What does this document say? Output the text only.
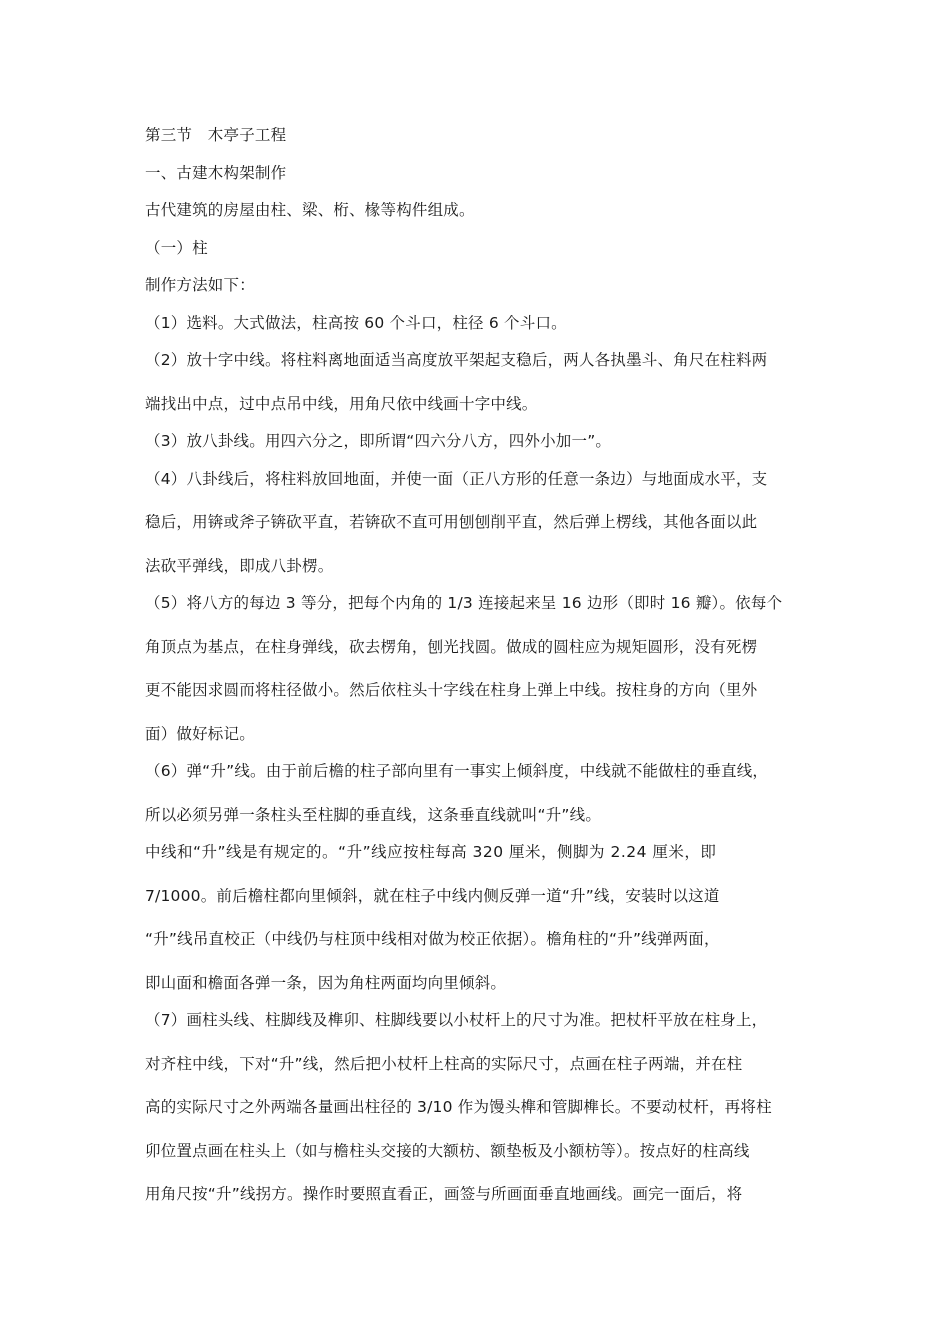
第三节　木亭子工程
一、古建木构架制作
古代建筑的房屋由柱、梁、桁、椽等构件组成。
（一）柱
制作方法如下：
（1）选料。大式做法，柱高按 60 个斗口，柱径 6 个斗口。
（2）放十字中线。将柱料离地面适当高度放平架起支稳后，两人各执墨斗、角尺在柱料两
端找出中点，过中点吊中线，用角尺依中线画十字中线。
（3）放八卦线。用四六分之，即所谓“四六分八方，四外小加一”。
（4）八卦线后，将柱料放回地面，并使一面（正八方形的任意一条边）与地面成水平，支
稳后，用锛或斧子锛砍平直，若锛砍不直可用刨刨削平直，然后弹上楞线，其他各面以此
法砍平弹线，即成八卦楞。
（5）将八方的每边 3 等分，把每个内角的 1/3 连接起来呈 16 边形（即时 16 瓣）。依每个
角顶点为基点，在柱身弹线，砍去楞角，刨光找圆。做成的圆柱应为规矩圆形，没有死楞
更不能因求圆而将柱径做小。然后依柱头十字线在柱身上弹上中线。按柱身的方向（里外
面）做好标记。
（6）弹“升”线。由于前后檐的柱子部向里有一事实上倾斜度，中线就不能做柱的垂直线，
所以必须另弹一条柱头至柱脚的垂直线，这条垂直线就叫“升”线。
中线和“升”线是有规定的。“升”线应按柱每高 320 厘米，侧脚为 2.24 厘米，即
7/1000。前后檐柱都向里倾斜，就在柱子中线内侧反弹一道“升”线，安装时以这道
“升”线吊直校正（中线仍与柱顶中线相对做为校正依据）。檐角柱的“升”线弹两面，
即山面和檐面各弹一条，因为角柱两面均向里倾斜。
（7）画柱头线、柱脚线及榫卯、柱脚线要以小杖杆上的尺寸为准。把杖杆平放在柱身上，
对齐柱中线，下对“升”线，然后把小杖杆上柱高的实际尺寸，点画在柱子两端，并在柱
高的实际尺寸之外两端各量画出柱径的 3/10 作为馒头榫和管脚榫长。不要动杖杆，再将柱
卯位置点画在柱头上（如与檐柱头交接的大额枋、额垫板及小额枋等）。按点好的柱高线
用角尺按“升”线拐方。操作时要照直看正，画签与所画面垂直地画线。画完一面后，将
